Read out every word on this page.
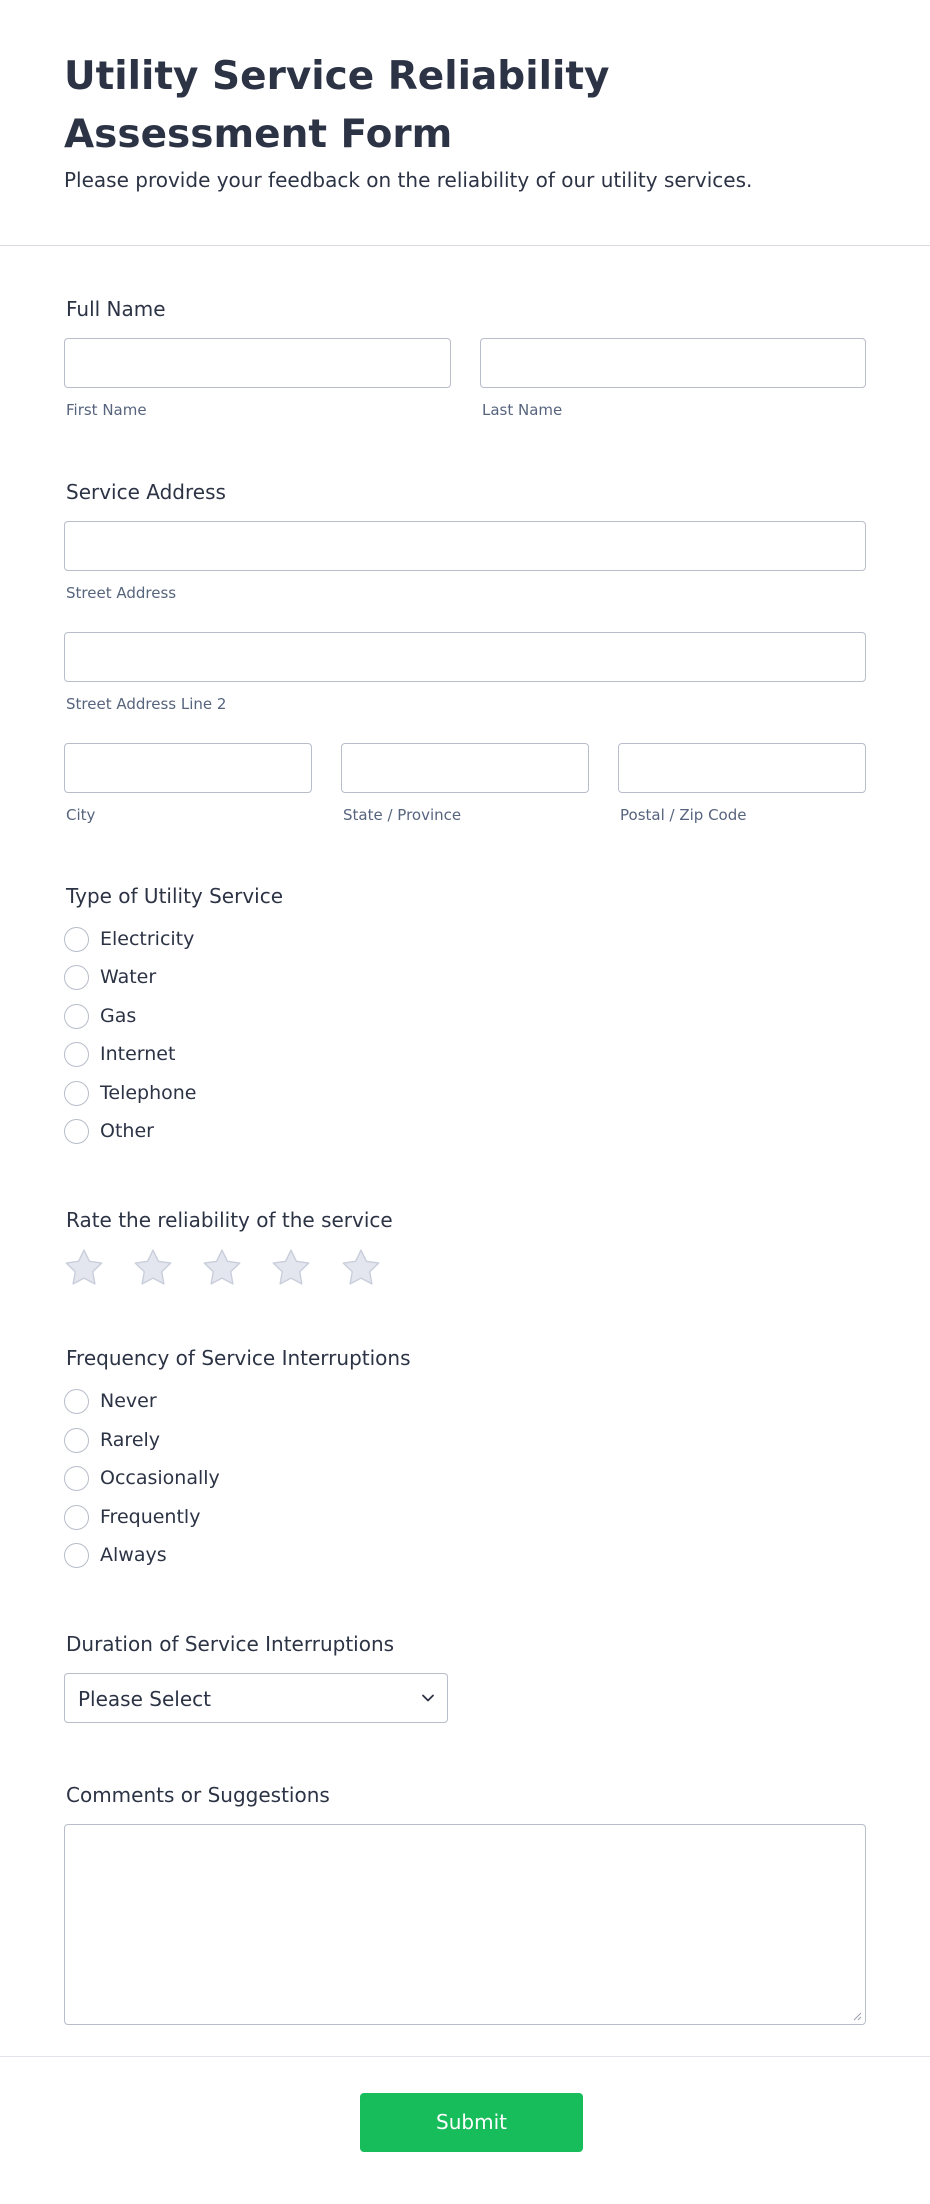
Utility Service Reliability Assessment Form

Please provide your feedback on the reliability of our utility services.

Full Name
First Name	Last Name
Service Address
Street Address
Street Address Line 2
City	State / Province	Postal / Zip Code
Type of Utility Service
Electricity
Water
Gas
Internet
Telephone
Other
Rate the reliability of the service
Frequency of Service Interruptions
Never
Rarely
Occasionally
Frequently
Always
Duration of Service Interruptions
Please Select
Comments or Suggestions
Submit
